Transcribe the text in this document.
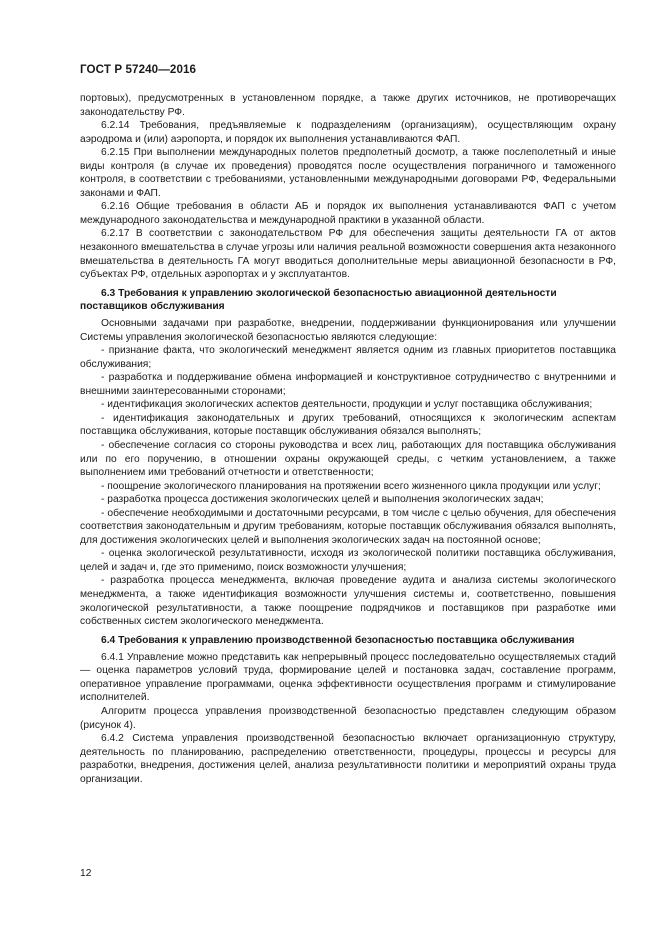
ГОСТ Р 57240—2016

портовых), предусмотренных в установленном порядке, а также других источников, не противоречащих законодательству РФ.

6.2.14 Требования, предъявляемые к подразделениям (организациям), осуществляющим охрану аэродрома и (или) аэропорта, и порядок их выполнения устанавливаются ФАП.

6.2.15 При выполнении международных полетов предполетный досмотр, а также послеполетный и иные виды контроля (в случае их проведения) проводятся после осуществления пограничного и таможенного контроля, в соответствии с требованиями, установленными международными договорами РФ, Федеральными законами и ФАП.

6.2.16 Общие требования в области АБ и порядок их выполнения устанавливаются ФАП с учетом международного законодательства и международной практики в указанной области.

6.2.17 В соответствии с законодательством РФ для обеспечения защиты деятельности ГА от актов незаконного вмешательства в случае угрозы или наличия реальной возможности совершения акта незаконного вмешательства в деятельность ГА могут вводиться дополнительные меры авиационной безопасности в РФ, субъектах РФ, отдельных аэропортах и у эксплуатантов.

6.3 Требования к управлению экологической безопасностью авиационной деятельности поставщиков обслуживания

Основными задачами при разработке, внедрении, поддерживании функционирования или улучшении Системы управления экологической безопасностью являются следующие:

- признание факта, что экологический менеджмент является одним из главных приоритетов поставщика обслуживания;

- разработка и поддерживание обмена информацией и конструктивное сотрудничество с внутренними и внешними заинтересованными сторонами;

- идентификация экологических аспектов деятельности, продукции и услуг поставщика обслуживания;

- идентификация законодательных и других требований, относящихся к экологическим аспектам поставщика обслуживания, которые поставщик обслуживания обязался выполнять;

- обеспечение согласия со стороны руководства и всех лиц, работающих для поставщика обслуживания или по его поручению, в отношении охраны окружающей среды, с четким установлением, а также выполнением ими требований отчетности и ответственности;

- поощрение экологического планирования на протяжении всего жизненного цикла продукции или услуг;

- разработка процесса достижения экологических целей и выполнения экологических задач;

- обеспечение необходимыми и достаточными ресурсами, в том числе с целью обучения, для обеспечения соответствия законодательным и другим требованиям, которые поставщик обслуживания обязался выполнять, для достижения экологических целей и выполнения экологических задач на постоянной основе;

- оценка экологической результативности, исходя из экологической политики поставщика обслуживания, целей и задач и, где это применимо, поиск возможности улучшения;

- разработка процесса менеджмента, включая проведение аудита и анализа системы экологического менеджмента, а также идентификация возможности улучшения системы и, соответственно, повышения экологической результативности, а также поощрение подрядчиков и поставщиков при разработке ими собственных систем экологического менеджмента.

6.4 Требования к управлению производственной безопасностью поставщика обслуживания

6.4.1 Управление можно представить как непрерывный процесс последовательно осуществляемых стадий — оценка параметров условий труда, формирование целей и постановка задач, составление программ, оперативное управление программами, оценка эффективности осуществления программ и стимулирование исполнителей.

Алгоритм процесса управления производственной безопасностью представлен следующим образом (рисунок 4).

6.4.2 Система управления производственной безопасностью включает организационную структуру, деятельность по планированию, распределению ответственности, процедуры, процессы и ресурсы для разработки, внедрения, достижения целей, анализа результативности политики и мероприятий охраны труда организации.

12
